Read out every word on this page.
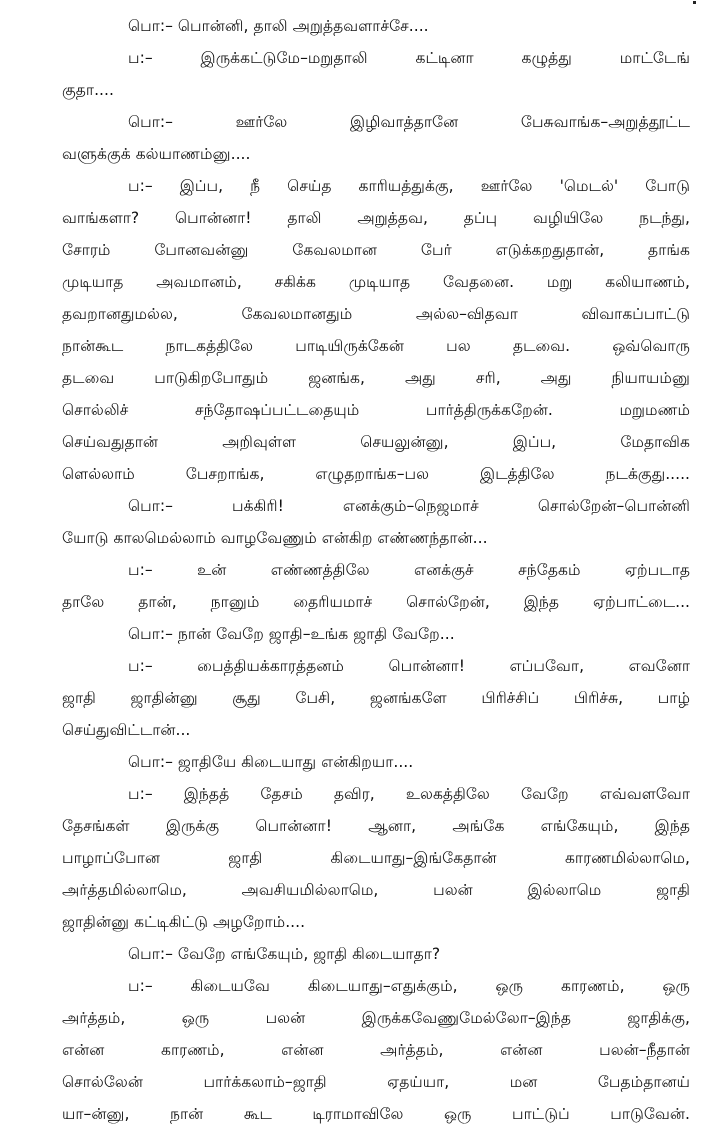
பொ:– பொன்னி, தாலி அறுத்தவளாச்சே....
ப:– இருக்கட்டுமே–மறுதாலி கட்டினா கழுத்து மாட்டேங்
குதா....
பொ:– ஊர்லே இழிவாத்தானே பேசுவாங்க–அறுத்தூட்ட
வளுக்குக் கல்யாணம்னு....
ப:– இப்ப, நீ செய்த காரியத்துக்கு, ஊர்லே 'மெடல்' போடு
வாங்களா? பொன்னா! தாலி அறுத்தவ, தப்பு வழியிலே நடந்து,
சோரம் போனவன்னு கேவலமான பேர் எடுக்கறதுதான், தாங்க
முடியாத அவமானம், சகிக்க முடியாத வேதனை. மறு கலியாணம்,
தவறானதுமல்ல, கேவலமானதும் அல்ல–விதவா விவாகப்பாட்டு
நான்கூட நாடகத்திலே பாடியிருக்கேன் பல தடவை. ஒவ்வொரு
தடவை பாடுகிறபோதும் ஜனங்க, அது சரி, அது நியாயம்னு
சொல்லிச் சந்தோஷப்பட்டதையும் பார்த்திருக்கறேன். மறுமணம்
செய்வதுதான் அறிவுள்ள செயலுன்னு, இப்ப, மேதாவிக
ளெல்லாம் பேசறாங்க, எழுதறாங்க–பல இடத்திலே நடக்குது.....
பொ:– பக்கிரி! எனக்கும்–நெஜமாச் சொல்றேன்–பொன்னி
யோடு காலமெல்லாம் வாழவேணும் என்கிற எண்ணந்தான்...
ப:– உன் எண்ணத்திலே எனக்குச் சந்தேகம் ஏற்படாத
தாலே தான், நானும் தைரியமாச் சொல்றேன், இந்த ஏற்பாட்டை...
பொ:– நான் வேறே ஜாதி–உங்க ஜாதி வேறே...
ப:– பைத்தியக்காரத்தனம் பொன்னா! எப்பவோ, எவனோ
ஜாதி ஜாதின்னு சூது பேசி, ஜனங்களே பிரிச்சிப் பிரிச்சு, பாழ்
செய்துவிட்டான்...
பொ:– ஜாதியே கிடையாது என்கிறயா....
ப:– இந்தத் தேசம் தவிர, உலகத்திலே வேறே எவ்வளவோ
தேசங்கள் இருக்கு பொன்னா! ஆனா, அங்கே எங்கேயும், இந்த
பாழாப்போன ஜாதி கிடையாது–இங்கேதான் காரணமில்லாமெ,
அர்த்தமில்லாமெ, அவசியமில்லாமெ, பலன் இல்லாமெ ஜாதி
ஜாதின்னு கட்டிகிட்டு அழறோம்....
பொ:– வேறே எங்கேயும், ஜாதி கிடையாதா?
ப:– கிடையவே கிடையாது–எதுக்கும், ஒரு காரணம், ஒரு
அர்த்தம், ஒரு பலன் இருக்கவேணுமேல்லோ–இந்த ஜாதிக்கு,
என்ன காரணம், என்ன அர்த்தம், என்ன பலன்–நீதான்
சொல்லேன் பார்க்கலாம்–ஜாதி ஏதய்யா, மன பேதம்தானய்
யா–ன்னு, நான் கூட டிராமாவிலே ஒரு பாட்டுப் பாடுவேன்.
